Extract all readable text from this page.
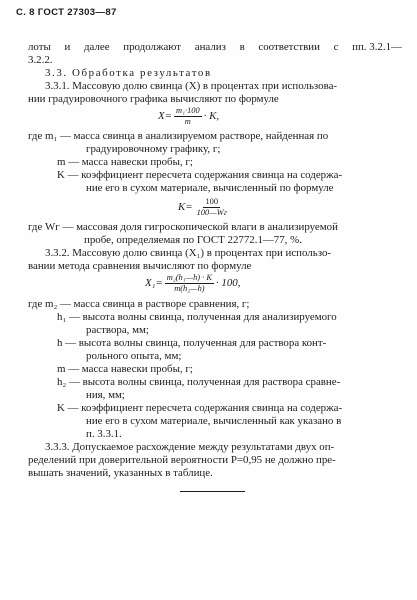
С. 8 ГОСТ 27303—87
лоты и далее продолжают анализ в соответствии с пп. 3.2.1—
3.2.2.
3.3. Обработка результатов
3.3.1. Массовую долю свинца (X) в процентах при использова-
нии градуировочного графика вычисляют по формуле
$X= \frac{\text{m₁·100}}{m} \cdot K$,
где m₁ — масса свинца в анализируемом растворе, найденная по
градуировочному графику, г;
m — масса навески пробы, г;
K — коэффициент пересчета содержания свинца на содержа-
ние его в сухом материале, вычисленный по формуле
$K= \frac{100}{100—Wг}$
где Wг — массовая доля гигроскопической влаги в анализируемой
пробе, определяемая по ГОСТ 22772.1—77, %.
3.3.2. Массовую долю свинца (X₁) в процентах при использо-
вании метода сравнения вычисляют по формуле
$X_1= \frac{\text{m₂(h₁—h) · K}}{\text{m(h₂—h)}} \cdot 100$,
где m₂ — масса свинца в растворе сравнения, г;
h₁ — высота волны свинца, полученная для анализируемого
раствора, мм;
h — высота волны свинца, полученная для раствора конт-
рольного опыта, мм;
m — масса навески пробы, г;
h₂ — высота волны свинца, полученная для раствора сравне-
ния, мм;
K — коэффициент пересчета содержания свинца на содержа-
ние его в сухом материале, вычисленный как указано в
п. 3.3.1.
3.3.3. Допускаемое расхождение между результатами двух оп-
ределений при доверительной вероятности P=0,95 не должно пре-
вышать значений, указанных в таблице.
